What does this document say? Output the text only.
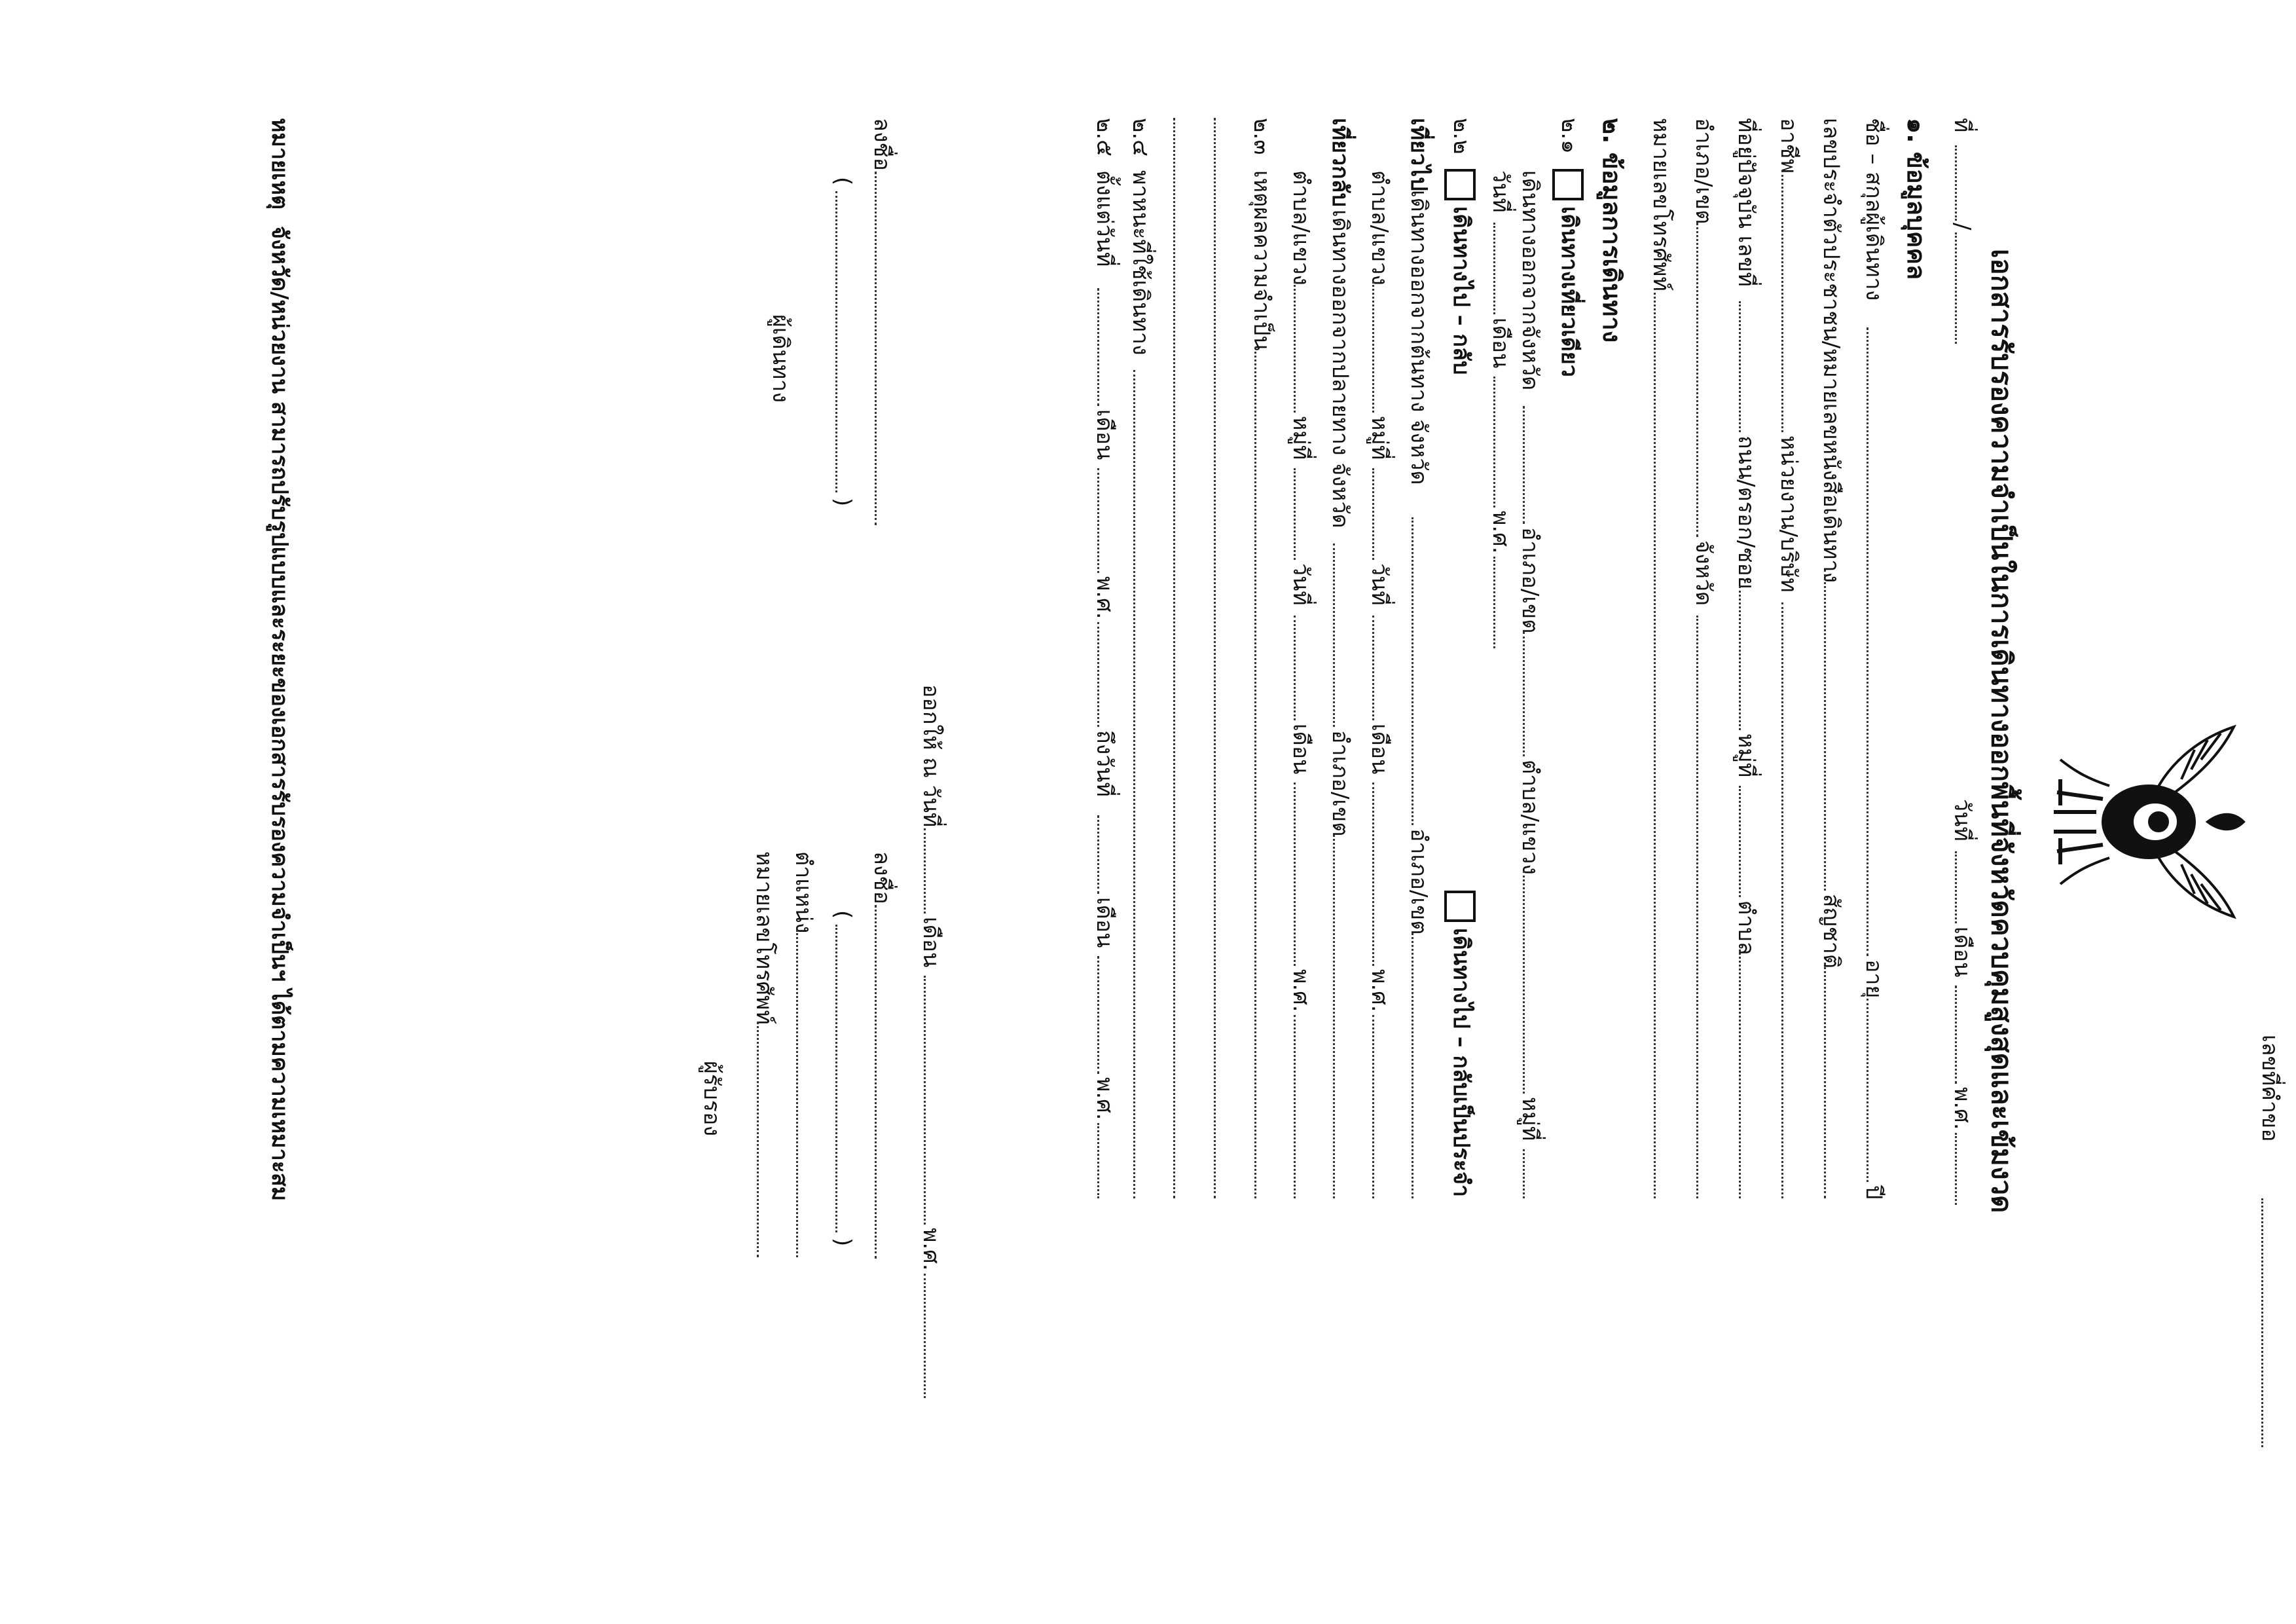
เลขที่คำขอ
เอกสารรับรองความจำเป็นในการเดินทางออกพื้นที่จังหวัดควบคุมสูงสุดและเข้มงวด
ที่
/
วันที่
เดือน
พ.ศ.
๑. ข้อมูลบุคคล
ชื่อ – สกุลผู้เดินทาง
อายุ
ปี
เลขประจำตัวประชาชน/หมายเลขหนังสือเดินทาง
สัญชาติ
อาชีพ
หน่วยงาน/บริษัท
ที่อยู่ปัจจุบัน เลขที่
ถนน/ตรอก/ซอย
หมู่ที่
ตำบล
อำเภอ/เขต
จังหวัด
หมายเลขโทรศัพท์
๒. ข้อมูลการเดินทาง
๒.๑
เดินทางเที่ยวเดียว
เดินทางออกจากจังหวัด
อำเภอ/เขต
ตำบล/แขวง
หมู่ที่
วันที่
เดือน
พ.ศ.
๒.๒
เดินทางไป – กลับ
เดินทางไป – กลับเป็นประจำ
เที่ยวไป
เดินทางออกจากต้นทาง จังหวัด
อำเภอ/เขต
ตำบล/แขวง
หมู่ที่
วันที่
เดือน
พ.ศ.
เที่ยวกลับ
เดินทางออกจากปลายทาง จังหวัด
อำเภอ/เขต
ตำบล/แขวง
หมู่ที่
วันที่
เดือน
พ.ศ.
๒.๓
เหตุผลความจำเป็น
๒.๔
พาหนะที่ใช้เดินทาง
๒.๕
ตั้งแต่วันที่
เดือน
พ.ศ.
ถึงวันที่
เดือน
พ.ศ.
ออกให้ ณ วันที่
เดือน
พ.ศ.
ลงชื่อ
(
)
ผู้เดินทาง
ลงชื่อ
(
)
ตำแหน่ง
หมายเลขโทรศัพท์
ผู้รับรอง
หมายเหตุ
จังหวัด/หน่วยงาน สามารถปรับรูปแบบและระยะของเอกสารรับรองความจำเป็นฯ ได้ตามความเหมาะสม
